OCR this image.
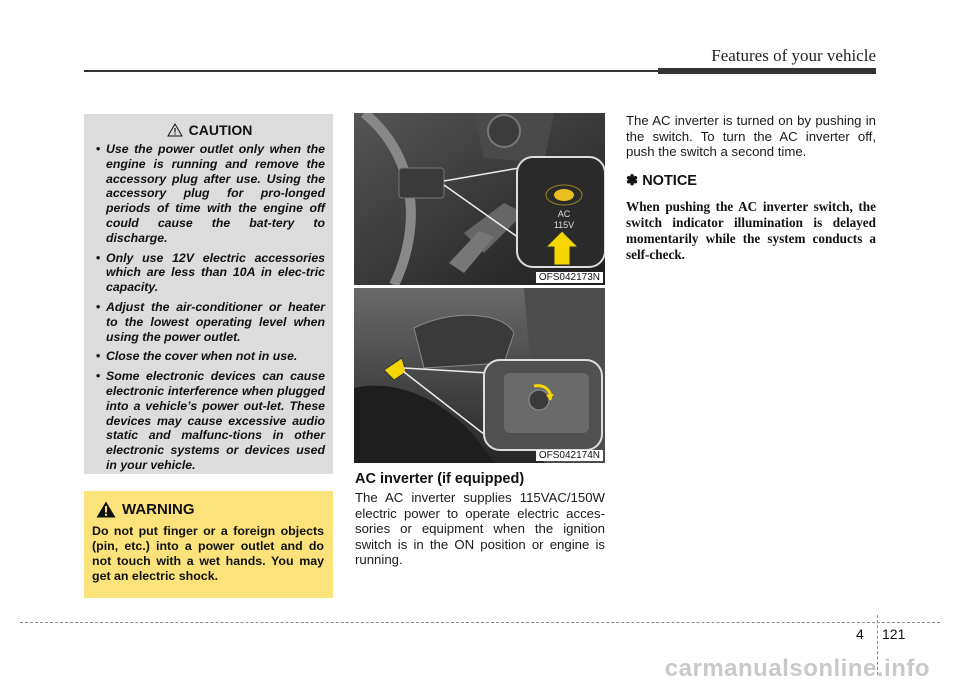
Features of your vehicle
CAUTION
• Use the power outlet only when the engine is running and remove the accessory plug after use. Using the accessory plug for pro-longed periods of time with the engine off could cause the bat-tery to discharge.
• Only use 12V electric accessories which are less than 10A in elec-tric capacity.
• Adjust the air-conditioner or heater to the lowest operating level when using the power outlet.
• Close the cover when not in use.
• Some electronic devices can cause electronic interference when plugged into a vehicle’s power out-let. These devices may cause excessive audio static and malfunc-tions in other electronic systems or devices used in your vehicle.
WARNING
Do not put finger or a foreign objects (pin, etc.) into a power outlet and do not touch with a wet hands. You may get an electric shock.
AC
115V
OFS042173N
OFS042174N
AC inverter (if equipped)
The AC inverter supplies 115VAC/150W electric power to operate electric acces-sories or equipment when the ignition switch is in the ON position or engine is running.
The AC inverter is turned on by pushing in the switch. To turn the AC inverter off, push the switch a second time.
✽ NOTICE
When pushing the AC inverter switch, the switch indicator illumination is delayed momentarily while the system conducts a self-check.
4 121
carmanualsonline.info
